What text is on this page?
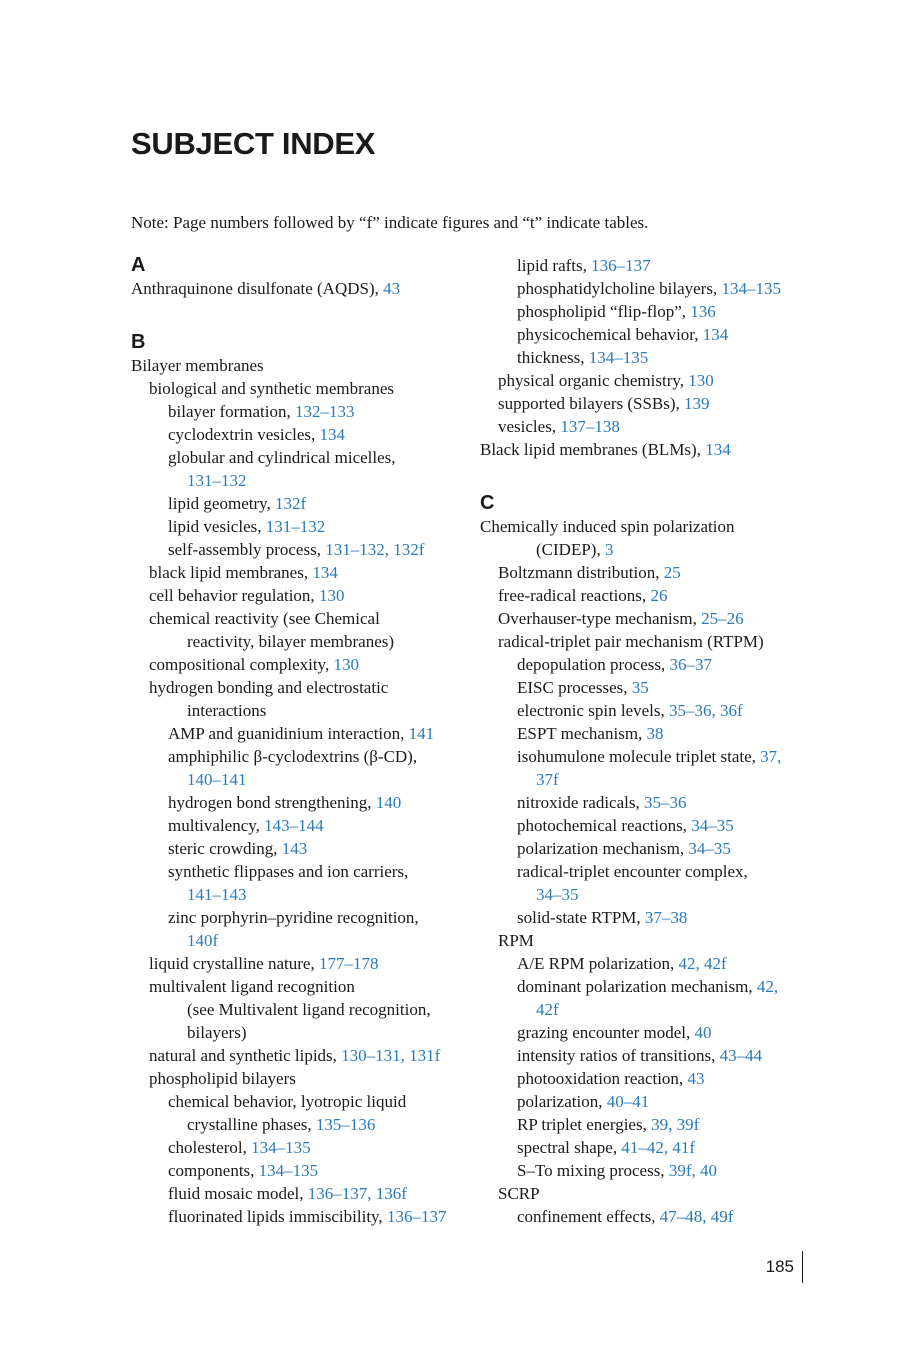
SUBJECT INDEX
Note: Page numbers followed by “f” indicate figures and “t” indicate tables.
A
Anthraquinone disulfonate (AQDS), 43
B
Bilayer membranes
biological and synthetic membranes
bilayer formation, 132–133
cyclodextrin vesicles, 134
globular and cylindrical micelles,
131–132
lipid geometry, 132f
lipid vesicles, 131–132
self-assembly process, 131–132, 132f
black lipid membranes, 134
cell behavior regulation, 130
chemical reactivity (see Chemical
reactivity, bilayer membranes)
compositional complexity, 130
hydrogen bonding and electrostatic
interactions
AMP and guanidinium interaction, 141
amphiphilic β-cyclodextrins (β-CD),
140–141
hydrogen bond strengthening, 140
multivalency, 143–144
steric crowding, 143
synthetic flippases and ion carriers,
141–143
zinc porphyrin–pyridine recognition,
140f
liquid crystalline nature, 177–178
multivalent ligand recognition
(see Multivalent ligand recognition,
bilayers)
natural and synthetic lipids, 130–131, 131f
phospholipid bilayers
chemical behavior, lyotropic liquid
crystalline phases, 135–136
cholesterol, 134–135
components, 134–135
fluid mosaic model, 136–137, 136f
fluorinated lipids immiscibility, 136–137
lipid rafts, 136–137
phosphatidylcholine bilayers, 134–135
phospholipid “flip-flop”, 136
physicochemical behavior, 134
thickness, 134–135
physical organic chemistry, 130
supported bilayers (SSBs), 139
vesicles, 137–138
Black lipid membranes (BLMs), 134
C
Chemically induced spin polarization
(CIDEP), 3
Boltzmann distribution, 25
free-radical reactions, 26
Overhauser-type mechanism, 25–26
radical-triplet pair mechanism (RTPM)
depopulation process, 36–37
EISC processes, 35
electronic spin levels, 35–36, 36f
ESPT mechanism, 38
isohumulone molecule triplet state, 37,
37f
nitroxide radicals, 35–36
photochemical reactions, 34–35
polarization mechanism, 34–35
radical-triplet encounter complex,
34–35
solid-state RTPM, 37–38
RPM
A/E RPM polarization, 42, 42f
dominant polarization mechanism, 42,
42f
grazing encounter model, 40
intensity ratios of transitions, 43–44
photooxidation reaction, 43
polarization, 40–41
RP triplet energies, 39, 39f
spectral shape, 41–42, 41f
S–To mixing process, 39f, 40
SCRP
confinement effects, 47–48, 49f
185
